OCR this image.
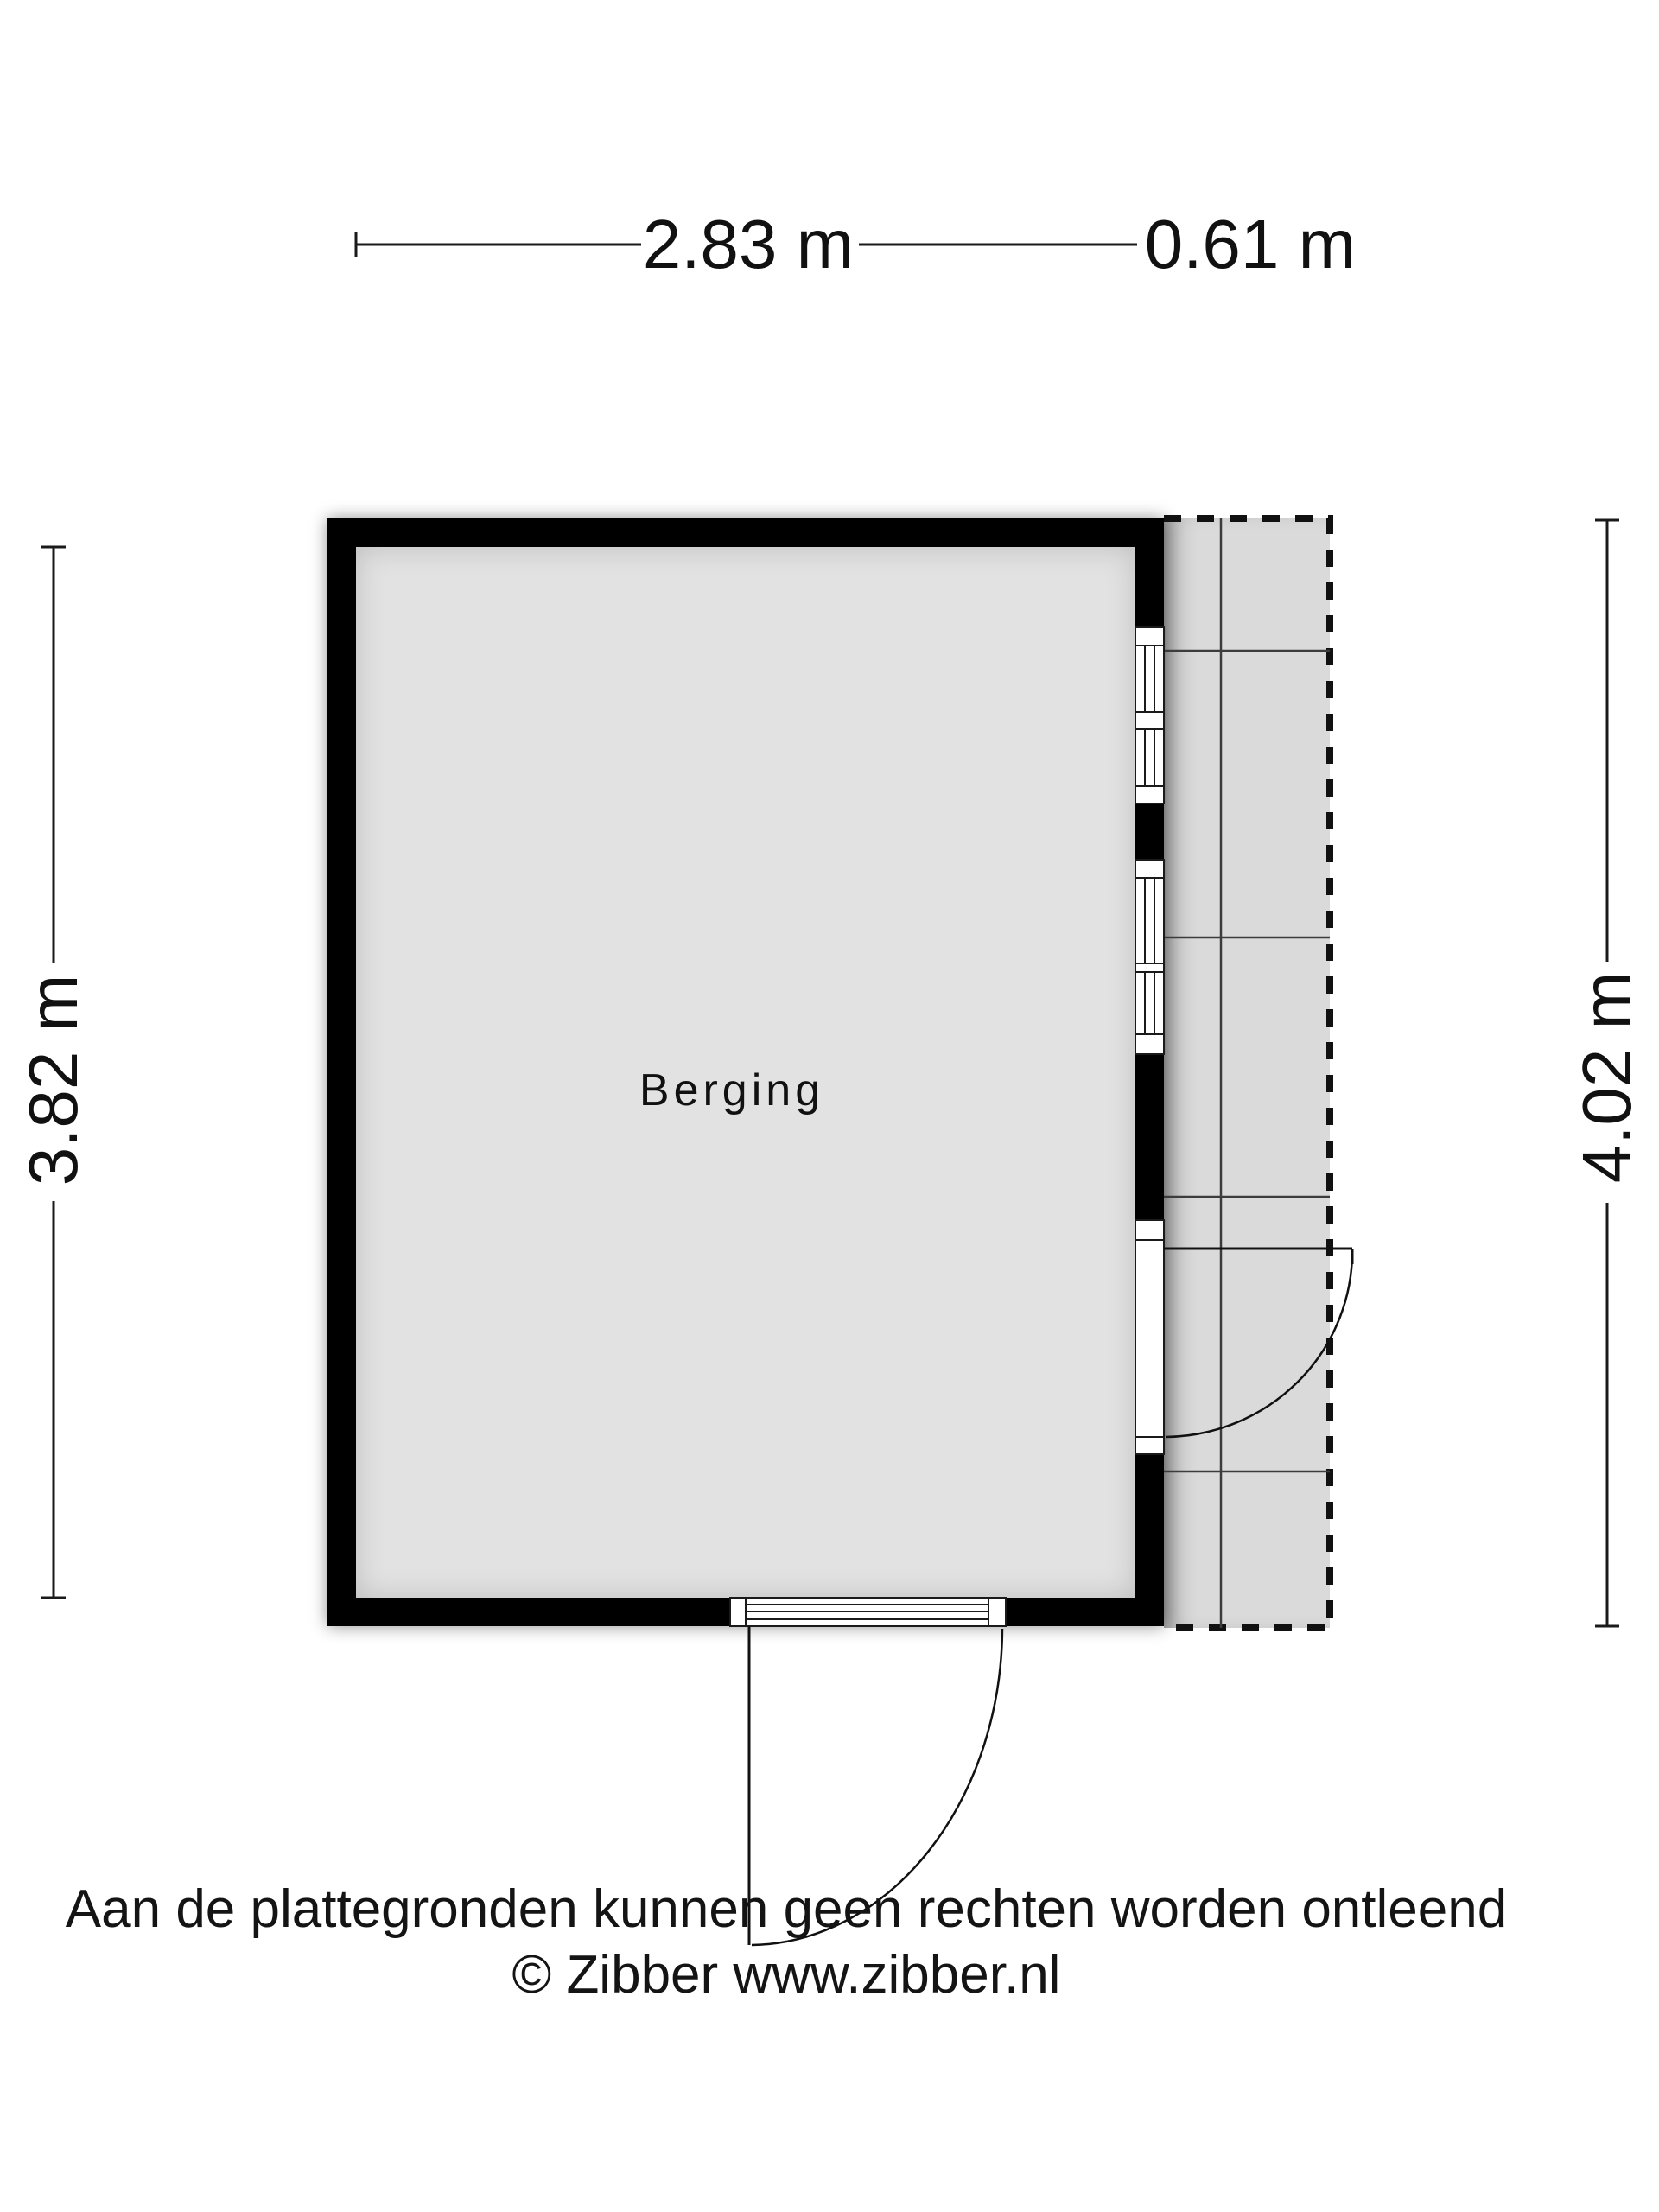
2.83 m	0.61 m
3.82 m	4.02 m
Berging
Aan de plattegronden kunnen geen rechten worden ontleend
© Zibber www.zibber.nl
